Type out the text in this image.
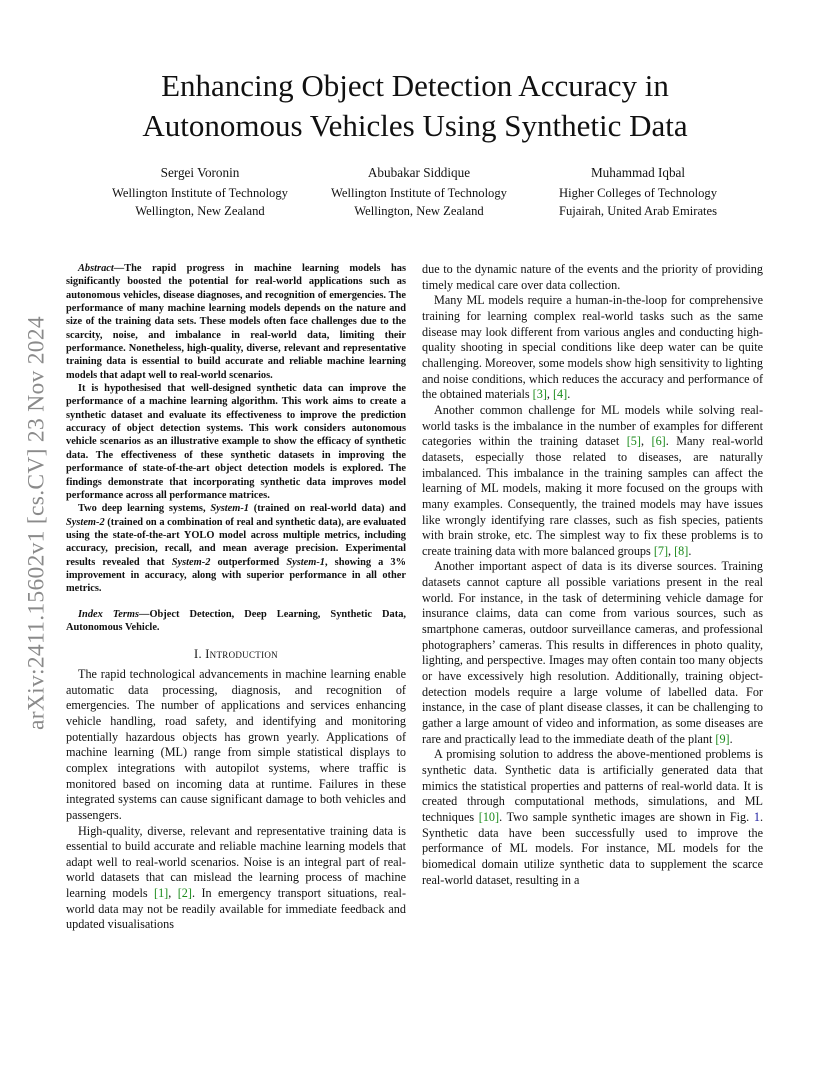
arXiv:2411.15602v1 [cs.CV] 23 Nov 2024
Enhancing Object Detection Accuracy in
Autonomous Vehicles Using Synthetic Data
Sergei Voronin
Wellington Institute of Technology
Wellington, New Zealand
Abubakar Siddique
Wellington Institute of Technology
Wellington, New Zealand
Muhammad Iqbal
Higher Colleges of Technology
Fujairah, United Arab Emirates

Abstract—The rapid progress in machine learning models has significantly boosted the potential for real-world applications such as autonomous vehicles, disease diagnoses, and recognition of emergencies. The performance of many machine learning models depends on the nature and size of the training data sets. These models often face challenges due to the scarcity, noise, and imbalance in real-world data, limiting their performance. Nonetheless, high-quality, diverse, relevant and representative training data is essential to build accurate and reliable machine learning models that adapt well to real-world scenarios.

It is hypothesised that well-designed synthetic data can improve the performance of a machine learning algorithm. This work aims to create a synthetic dataset and evaluate its effectiveness to improve the prediction accuracy of object detection systems. This work considers autonomous vehicle scenarios as an illustrative example to show the efficacy of synthetic data. The effectiveness of these synthetic datasets in improving the performance of state-of-the-art object detection models is explored. The findings demonstrate that incorporating synthetic data improves model performance across all performance matrices.

Two deep learning systems, System-1 (trained on real-world data) and System-2 (trained on a combination of real and synthetic data), are evaluated using the state-of-the-art YOLO model across multiple metrics, including accuracy, precision, recall, and mean average precision. Experimental results revealed that System-2 outperformed System-1, showing a 3% improvement in accuracy, along with superior performance in all other metrics.

Index Terms—Object Detection, Deep Learning, Synthetic Data, Autonomous Vehicle.
I. Introduction

The rapid technological advancements in machine learning enable automatic data processing, diagnosis, and recognition of emergencies. The number of applications and services enhancing vehicle handling, road safety, and identifying and monitoring potentially hazardous objects has grown yearly. Applications of machine learning (ML) range from simple statistical displays to complex integrations with autopilot systems, where traffic is monitored based on incoming data at runtime. Failures in these integrated systems can cause significant damage to both vehicles and passengers.

High-quality, diverse, relevant and representative training data is essential to build accurate and reliable machine learning models that adapt well to real-world scenarios. Noise is an integral part of real-world datasets that can mislead the learning process of machine learning models [1], [2]. In emergency transport situations, real-world data may not be readily available for immediate feedback and updated visualisations

due to the dynamic nature of the events and the priority of providing timely medical care over data collection.

Many ML models require a human-in-the-loop for comprehensive training for learning complex real-world tasks such as the same disease may look different from various angles and conducting high-quality shooting in special conditions like deep water can be quite challenging. Moreover, some models show high sensitivity to lighting and noise conditions, which reduces the accuracy and performance of the obtained materials [3], [4].

Another common challenge for ML models while solving real-world tasks is the imbalance in the number of examples for different categories within the training dataset [5], [6]. Many real-world datasets, especially those related to diseases, are naturally imbalanced. This imbalance in the training samples can affect the learning of ML models, making it more focused on the groups with many examples. Consequently, the trained models may have issues like wrongly identifying rare classes, such as fish species, patients with brain stroke, etc. The simplest way to fix these problems is to create training data with more balanced groups [7], [8].

Another important aspect of data is its diverse sources. Training datasets cannot capture all possible variations present in the real world. For instance, in the task of determining vehicle damage for insurance claims, data can come from various sources, such as smartphone cameras, outdoor surveillance cameras, and professional photographers’ cameras. This results in differences in photo quality, lighting, and perspective. Images may often contain too many objects or have excessively high resolution. Additionally, training object-detection models require a large volume of labelled data. For instance, in the case of plant disease classes, it can be challenging to gather a large amount of video and information, as some diseases are rare and practically lead to the immediate death of the plant [9].

A promising solution to address the above-mentioned problems is synthetic data. Synthetic data is artificially generated data that mimics the statistical properties and patterns of real-world data. It is created through computational methods, simulations, and ML techniques [10]. Two sample synthetic images are shown in Fig. 1. Synthetic data have been successfully used to improve the performance of ML models. For instance, ML models for the biomedical domain utilize synthetic data to supplement the scarce real-world dataset, resulting in a
